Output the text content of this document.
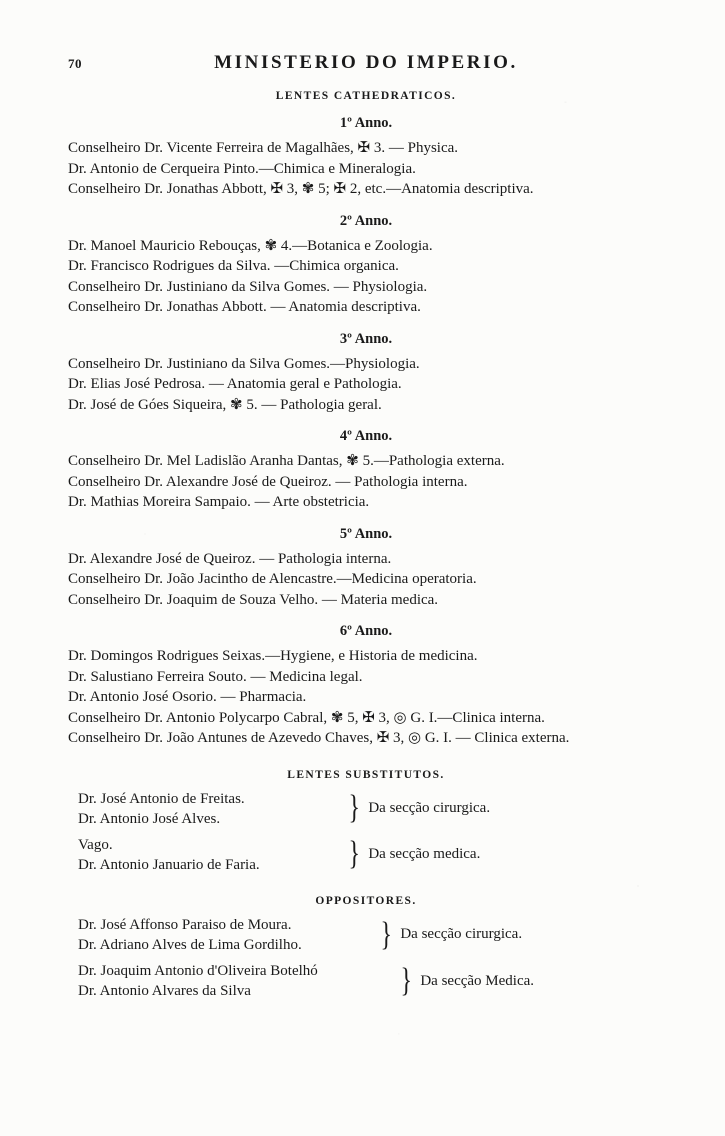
70	MINISTERIO DO IMPERIO.
LENTES CATHEDRATICOS.
1º Anno.
Conselheiro Dr. Vicente Ferreira de Magalhães, ✠ 3. — Physica.
Dr. Antonio de Cerqueira Pinto.—Chimica e Mineralogia.
Conselheiro Dr. Jonathas Abbott, ✠ 3, ✾ 5; ✠ 2, etc.—Anatomia descriptiva.
2º Anno.
Dr. Manoel Mauricio Rebouças, ✾ 4.—Botanica e Zoologia.
Dr. Francisco Rodrigues da Silva. —Chimica organica.
Conselheiro Dr. Justiniano da Silva Gomes. — Physiologia.
Conselheiro Dr. Jonathas Abbott. — Anatomia descriptiva.
3º Anno.
Conselheiro Dr. Justiniano da Silva Gomes.—Physiologia.
Dr. Elias José Pedrosa. — Anatomia geral e Pathologia.
Dr. José de Góes Siqueira, ✾ 5. — Pathologia geral.
4º Anno.
Conselheiro Dr. Mel Ladislão Aranha Dantas, ✾ 5.—Pathologia externa.
Conselheiro Dr. Alexandre José de Queiroz. — Pathologia interna.
Dr. Mathias Moreira Sampaio. — Arte obstetricia.
5º Anno.
Dr. Alexandre José de Queiroz. — Pathologia interna.
Conselheiro Dr. João Jacintho de Alencastre.—Medicina operatoria.
Conselheiro Dr. Joaquim de Souza Velho. — Materia medica.
6º Anno.
Dr. Domingos Rodrigues Seixas.—Hygiene, e Historia de medicina.
Dr. Salustiano Ferreira Souto. — Medicina legal.
Dr. Antonio José Osorio. — Pharmacia.
Conselheiro Dr. Antonio Polycarpo Cabral, ✾ 5, ✠ 3, ◎ G. I.—Clinica interna.
Conselheiro Dr. João Antunes de Azevedo Chaves, ✠ 3, ◎ G. I. — Clinica externa.
LENTES SUBSTITUTOS.
Dr. José Antonio de Freitas.
Dr. Antonio José Alves.	} Da secção cirurgica.
Vago.
Dr. Antonio Januario de Faria.	} Da secção medica.
OPPOSITORES.
Dr. José Affonso Paraiso de Moura.
Dr. Adriano Alves de Lima Gordilho.	} Da secção cirurgica.
Dr. Joaquim Antonio d'Oliveira Botelhó
Dr. Antonio Alvares da Silva	} Da secção Medica.
